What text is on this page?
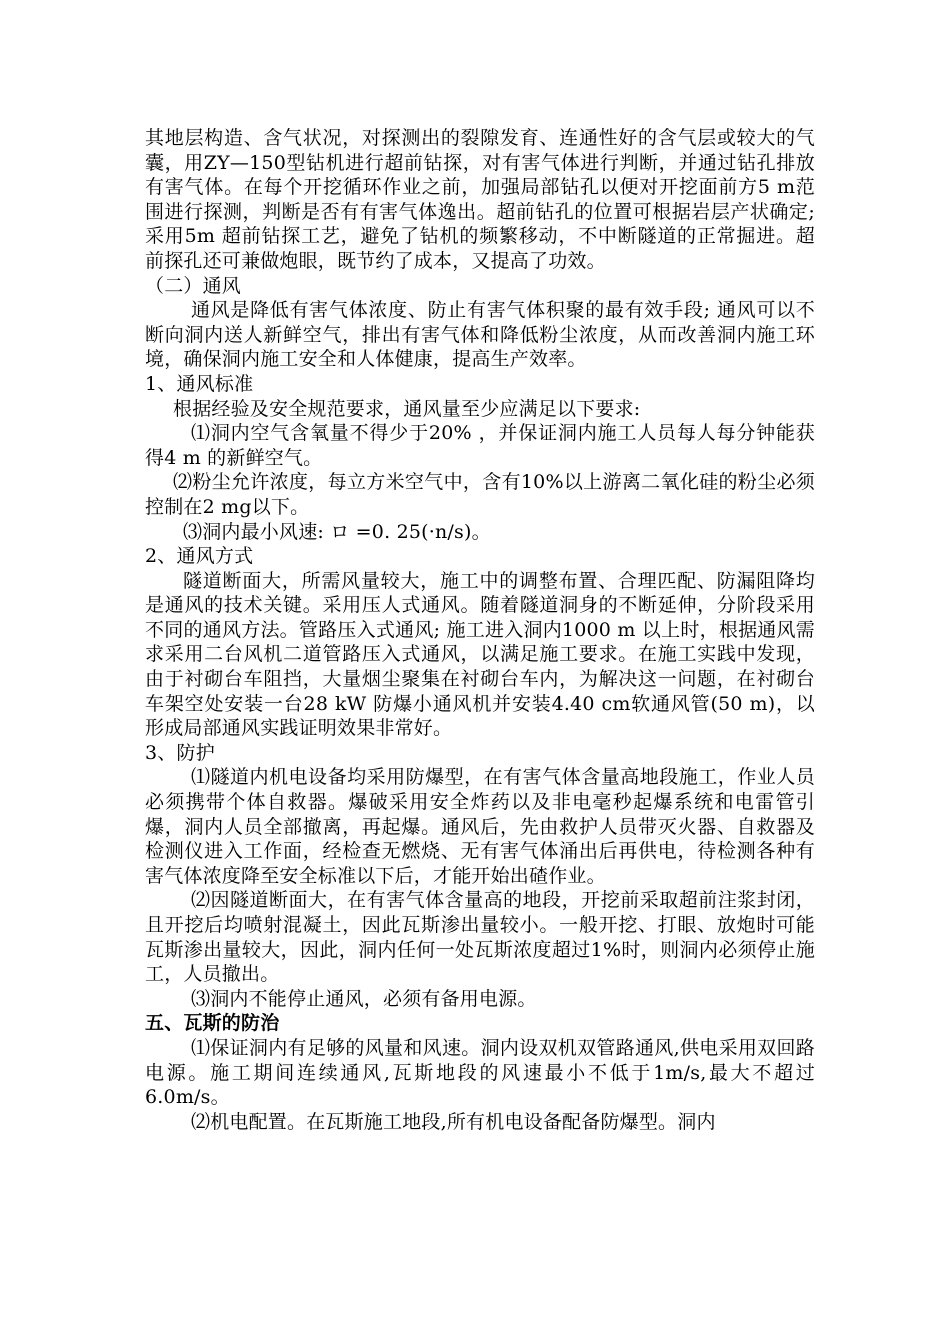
其地层构造、含气状况，对探测出的裂隙发育、连通性好的含气层或较大的气囊，用ZY—150型钻机进行超前钻探，对有害气体进行判断，并通过钻孔排放有害气体。在每个开挖循环作业之前，加强局部钻孔以便对开挖面前方5 m范围进行探测，判断是否有有害气体逸出。超前钻孔的位置可根据岩层产状确定; 采用5m 超前钻探工艺，避免了钻机的频繁移动，不中断隧道的正常掘进。超前探孔还可兼做炮眼，既节约了成本，又提高了功效。

（二）通风

通风是降低有害气体浓度、防止有害气体积聚的最有效手段; 通风可以不断向洞内送人新鲜空气，排出有害气体和降低粉尘浓度，从而改善洞内施工环境，确保洞内施工安全和人体健康，提高生产效率。

1、通风标准

根据经验及安全规范要求，通风量至少应满足以下要求:

⑴洞内空气含氧量不得少于20% ，并保证洞内施工人员每人每分钟能获得4 m 的新鲜空气。

⑵粉尘允许浓度，每立方米空气中，含有10%以上游离二氧化硅的粉尘必须控制在2 mg以下。

⑶洞内最小风速: ロ =0. 25(·n/s)。

2、通风方式

隧道断面大，所需风量较大，施工中的调整布置、合理匹配、防漏阻降均是通风的技术关键。采用压人式通风。随着隧道洞身的不断延伸，分阶段采用不同的通风方法。管路压入式通风; 施工进入洞内1000 m 以上时，根据通风需求采用二台风机二道管路压入式通风，以满足施工要求。在施工实践中发现，由于衬砌台车阻挡，大量烟尘聚集在衬砌台车内，为解决这一问题，在衬砌台车架空处安装一台28 kW 防爆小通风机并安装4.40 cm软通风管(50 m)，以形成局部通风实践证明效果非常好。

3、防护

⑴隧道内机电设备均采用防爆型，在有害气体含量高地段施工，作业人员必须携带个体自救器。爆破采用安全炸药以及非电毫秒起爆系统和电雷管引爆，洞内人员全部撤离，再起爆。通风后，先由救护人员带灭火器、自救器及检测仪进入工作面，经检查无燃烧、无有害气体涌出后再供电，待检测各种有害气体浓度降至安全标准以下后，才能开始出碴作业。

⑵因隧道断面大，在有害气体含量高的地段，开挖前采取超前注浆封闭，且开挖后均喷射混凝土，因此瓦斯渗出量较小。一般开挖、打眼、放炮时可能瓦斯渗出量较大，因此，洞内任何一处瓦斯浓度超过1%时，则洞内必须停止施工，人员撤出。

⑶洞内不能停止通风，必须有备用电源。

五、瓦斯的防治

⑴保证洞内有足够的风量和风速。洞内设双机双管路通风,供电采用双回路电源。施工期间连续通风,瓦斯地段的风速最小不低于1m/s,最大不超过6.0m/s。

⑵机电配置。在瓦斯施工地段,所有机电设备配备防爆型。洞内
